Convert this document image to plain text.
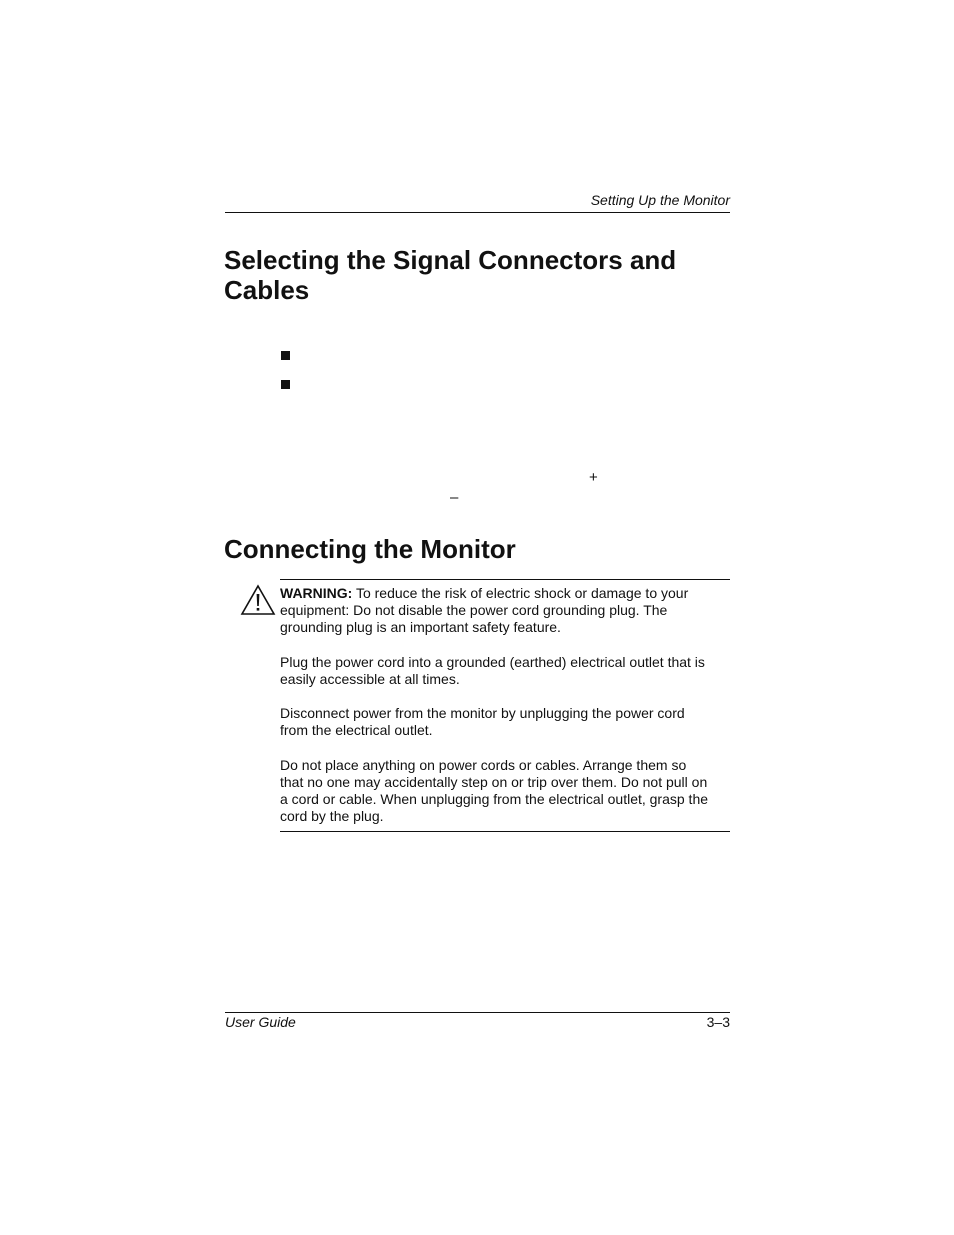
Setting Up the Monitor
Selecting the Signal Connectors and
Cables
+
–
Connecting the Monitor
WARNING: To reduce the risk of electric shock or damage to your equipment: Do not disable the power cord grounding plug. The grounding plug is an important safety feature.
Plug the power cord into a grounded (earthed) electrical outlet that is easily accessible at all times.
Disconnect power from the monitor by unplugging the power cord from the electrical outlet.
Do not place anything on power cords or cables. Arrange them so that no one may accidentally step on or trip over them. Do not pull on a cord or cable. When unplugging from the electrical outlet, grasp the cord by the plug.
User Guide	3–3
